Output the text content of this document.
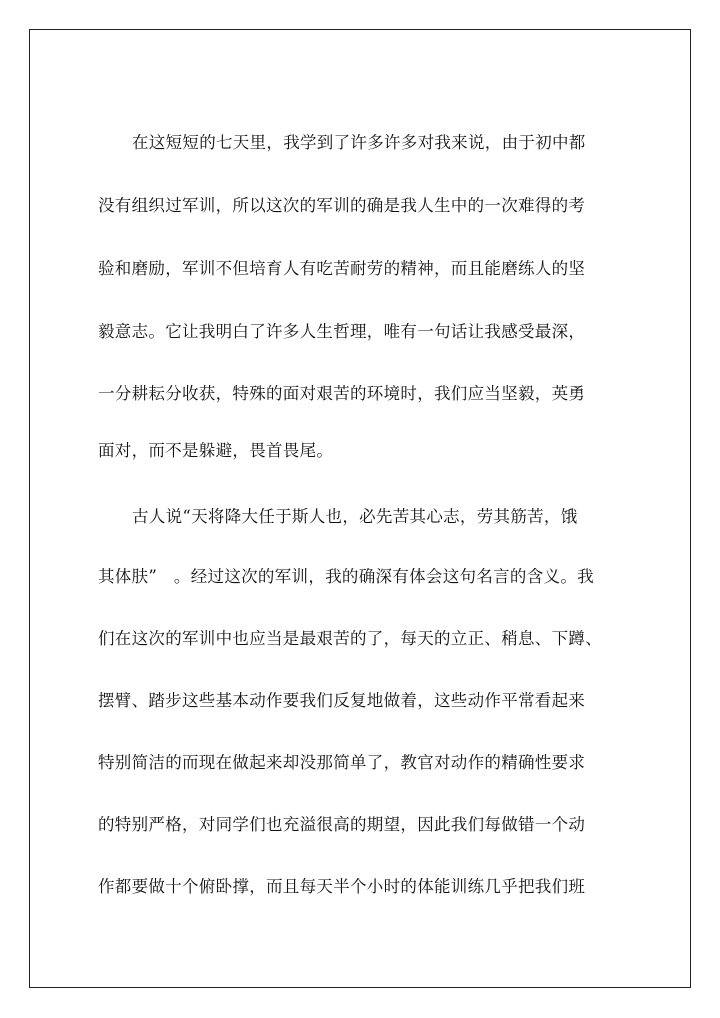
在这短短的七天里，我学到了许多许多对我来说，由于初中都
没有组织过军训，所以这次的军训的确是我人生中的一次难得的考
验和磨励，军训不但培育人有吃苦耐劳的精神，而且能磨练人的坚
毅意志。它让我明白了许多人生哲理，唯有一句话让我感受最深，
一分耕耘分收获，特殊的面对艰苦的环境时，我们应当坚毅，英勇
面对，而不是躲避，畏首畏尾。
古人说“天将降大任于斯人也，必先苦其心志，劳其筋苦，饿
其体肤”　。经过这次的军训，我的确深有体会这句名言的含义。我
们在这次的军训中也应当是最艰苦的了，每天的立正、稍息、下蹲、
摆臂、踏步这些基本动作要我们反复地做着，这些动作平常看起来
特别简洁的而现在做起来却没那简单了，教官对动作的精确性要求
的特别严格，对同学们也充溢很高的期望，因此我们每做错一个动
作都要做十个俯卧撑，而且每天半个小时的体能训练几乎把我们班
